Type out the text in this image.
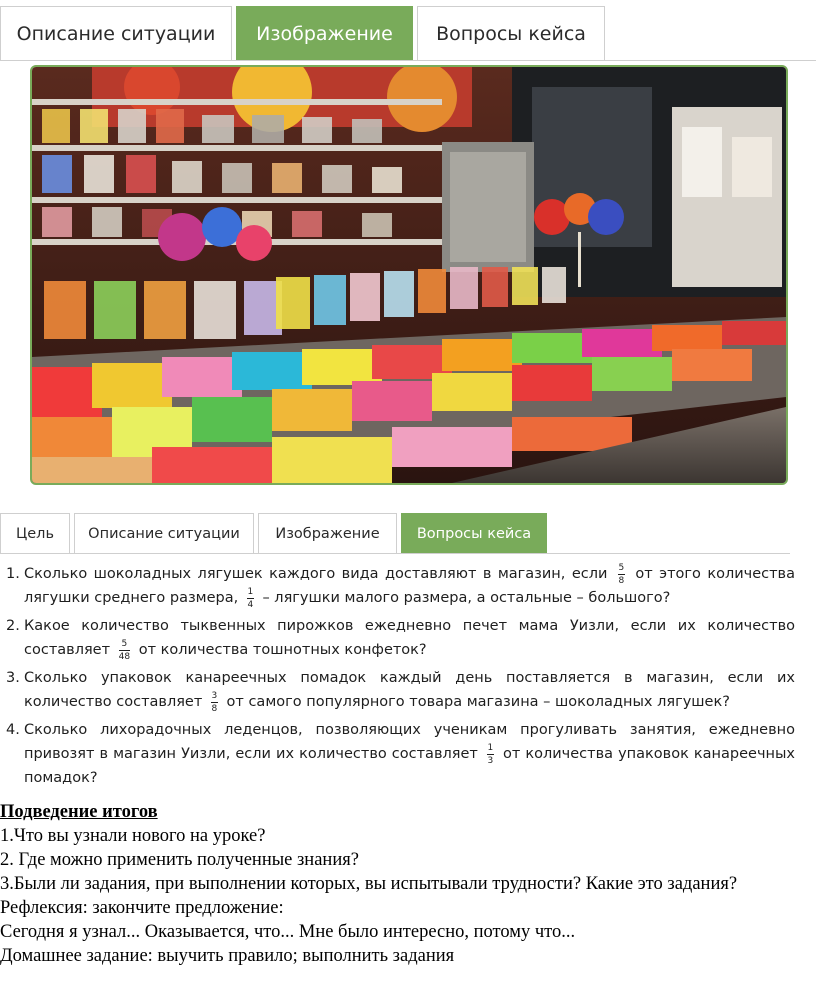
Описание ситуации	Изображение	Вопросы кейса
Цель	Описание ситуации	Изображение	Вопросы кейса
1. Сколько шоколадных лягушек каждого вида доставляют в магазин, если $\frac{5}{8}$ от этого количества лягушки среднего размера, $\frac{1}{4}$ – лягушки малого размера, а остальные – большого?
2. Какое количество тыквенных пирожков ежедневно печет мама Уизли, если их количество составляет $\frac{5}{48}$ от количества тошнотных конфеток?
3. Сколько упаковок канареечных помадок каждый день поставляется в магазин, если их количество составляет $\frac{3}{8}$ от самого популярного товара магазина – шоколадных лягушек?
4. Сколько лихорадочных леденцов, позволяющих ученикам прогуливать занятия, ежедневно привозят в магазин Уизли, если их количество составляет $\frac{1}{3}$ от количества упаковок канареечных помадок?

Подведение итогов

1.Что вы узнали нового на уроке?

2. Где можно применить полученные знания?

3.Были ли задания, при выполнении которых, вы испытывали трудности? Какие это задания?

Рефлексия: закончите предложение:

Сегодня я узнал... Оказывается, что... Мне было интересно, потому что...

Домашнее задание: выучить правило; выполнить задания
